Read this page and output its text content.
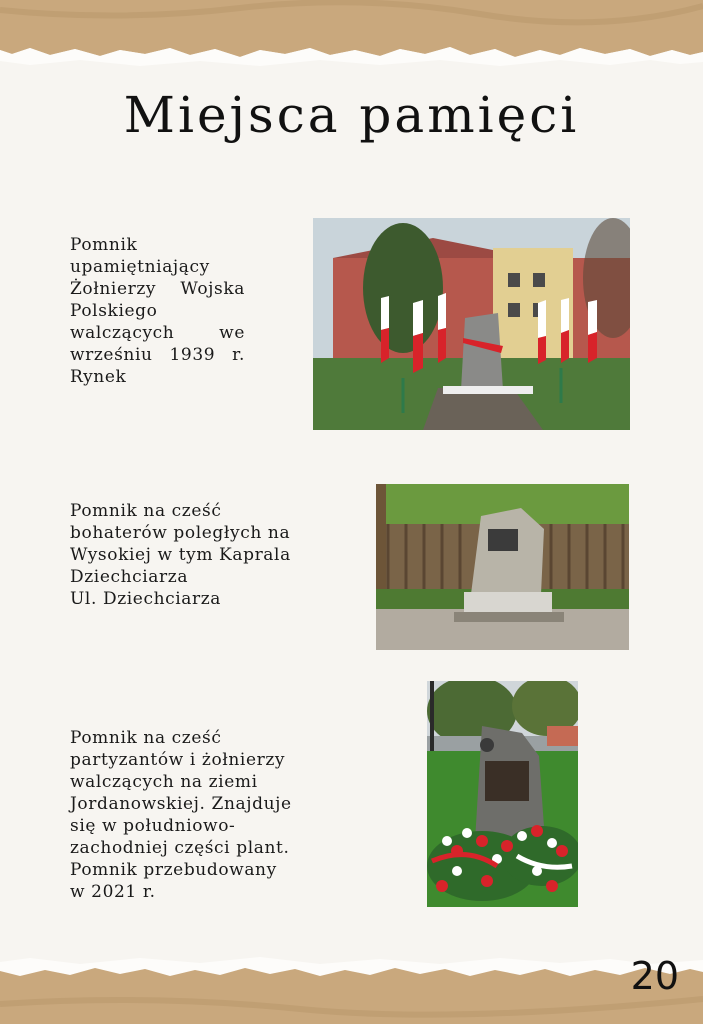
Miejsca pamięci
Pomnik
upamiętniający
Żołnierzy Wojska
Polskiego
walczących we
wrześniu 1939 r.
Rynek
Pomnik na cześć
bohaterów poległych na
Wysokiej w tym Kaprala
Dziechciarza
Ul. Dziechciarza
Pomnik na cześć
partyzantów i żołnierzy
walczących na ziemi
Jordanowskiej. Znajduje
się w południowo-
zachodniej części plant.
Pomnik przebudowany
w 2021 r.
20
